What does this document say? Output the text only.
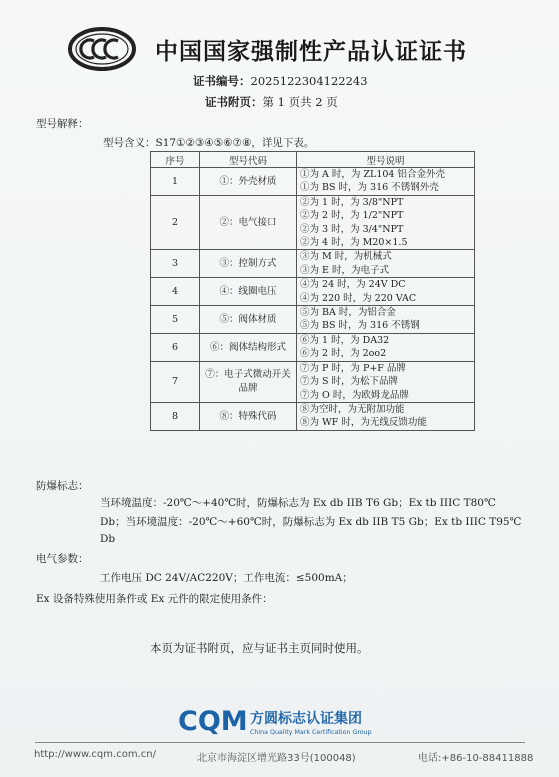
中国国家强制性产品认证证书
证书编号：2025122304122243
证书附页：第 1 页共 2 页
型号解释：
型号含义：S17①②③④⑤⑥⑦⑧，详见下表。
序号	型号代码	型号说明
1	①：外壳材质	①为 A 时，为 ZL104 铝合金外壳
①为 BS 时，为 316 不锈钢外壳

2	②：电气接口	②为 1 时，为 3/8"NPT
②为 2 时，为 1/2"NPT
②为 3 时，为 3/4"NPT
②为 4 时，为 M20×1.5

3	③：控制方式	③为 M 时，为机械式
③为 E 时，为电子式

4	④：线圈电压	④为 24 时，为 24V DC
④为 220 时，为 220 VAC

5	⑤：阀体材质	⑤为 BA 时，为铝合金
⑤为 BS 时，为 316 不锈钢

6	⑥：阀体结构形式	⑥为 1 时，为 DA32
⑥为 2 时，为 2oo2

7	⑦：电子式微动开关品牌	⑦为 P 时，为 P+F 品牌
⑦为 S 时，为松下品牌
⑦为 O 时，为欧姆龙品牌

8	⑧：特殊代码	⑧为空时，为无附加功能
⑧为 WF 时，为无线反馈功能
防爆标志：
当环境温度：-20℃～+40℃时，防爆标志为 Ex db IIB T6 Gb；Ex tb IIIC T80℃
Db；当环境温度：-20℃～+60℃时，防爆标志为 Ex db IIB T5 Gb；Ex tb IIIC T95℃
Db
电气参数：
工作电压 DC 24V/AC220V；工作电流：≤500mA；
Ex 设备特殊使用条件或 Ex 元件的限定使用条件：
本页为证书附页，应与证书主页同时使用。
CQM 方圆标志认证集团
China Quality Mark Certification Group
http://www.cqm.com.cn/	北京市海淀区增光路33号(100048)	电话:+86-10-88411888
